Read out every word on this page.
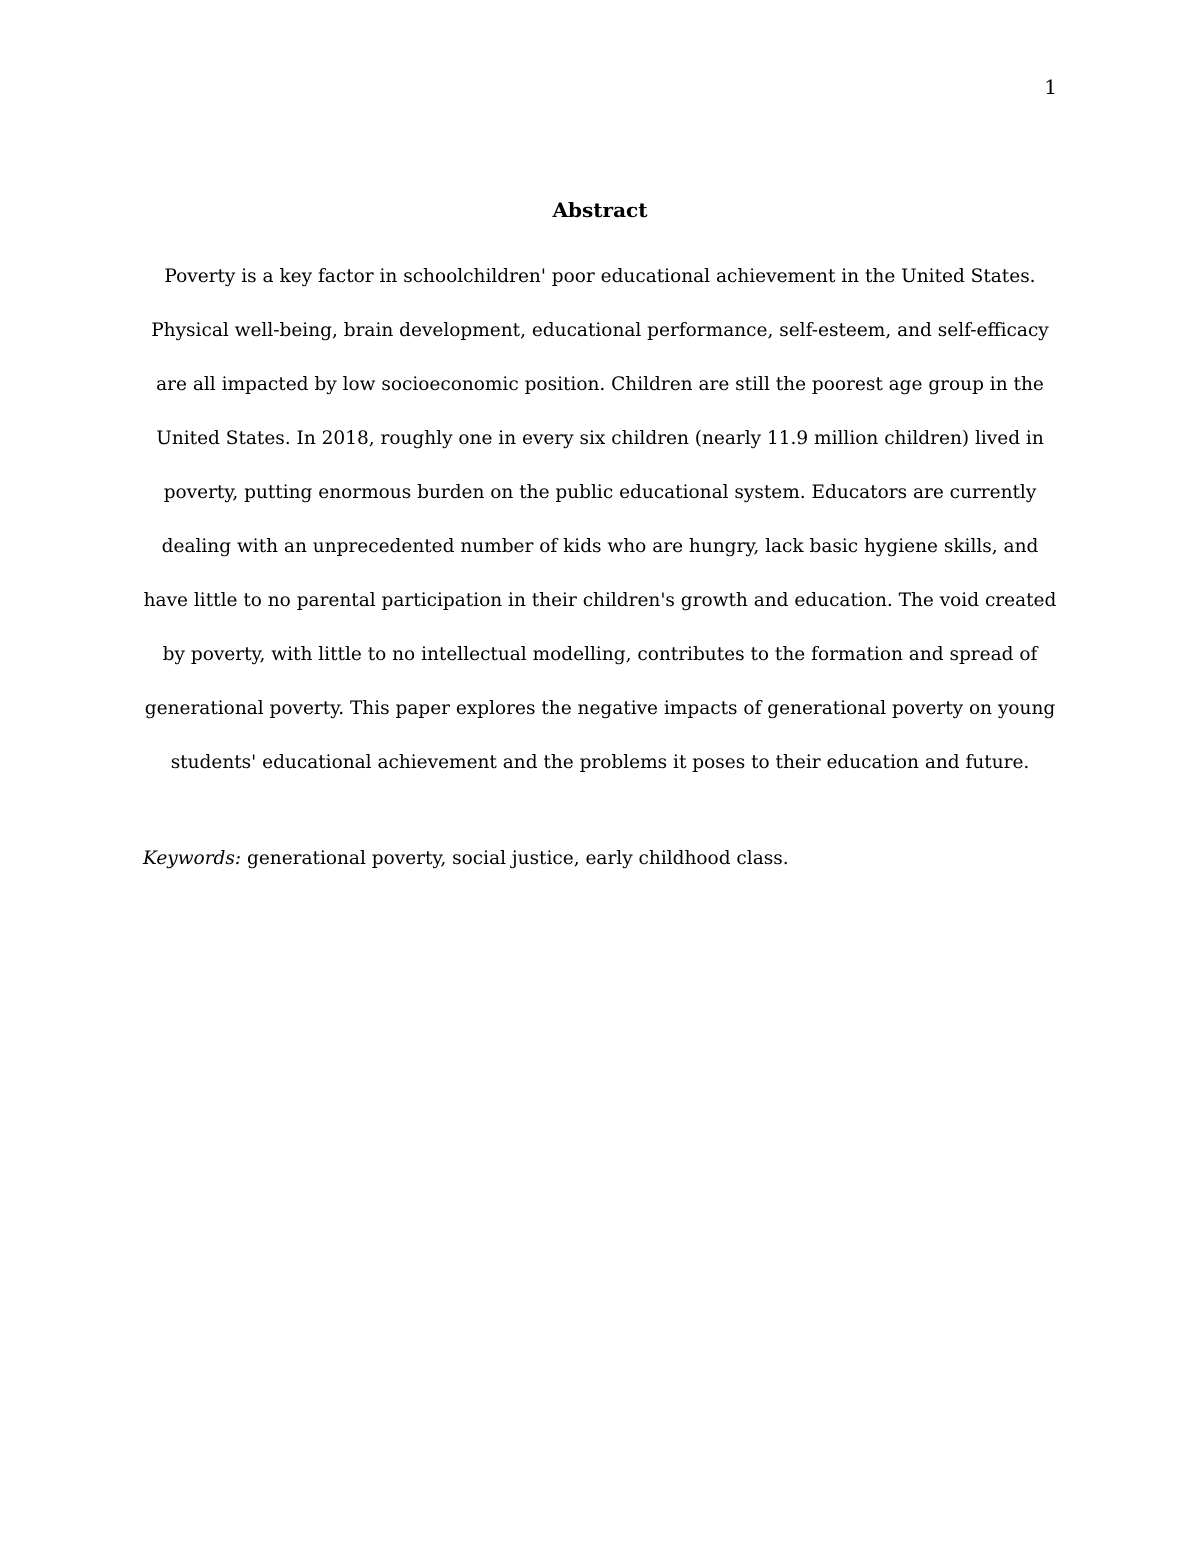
1
Abstract
Poverty is a key factor in schoolchildren' poor educational achievement in the United States.
Physical well-being, brain development, educational performance, self-esteem, and self-efficacy
are all impacted by low socioeconomic position. Children are still the poorest age group in the
United States. In 2018, roughly one in every six children (nearly 11.9 million children) lived in
poverty, putting enormous burden on the public educational system. Educators are currently
dealing with an unprecedented number of kids who are hungry, lack basic hygiene skills, and
have little to no parental participation in their children's growth and education. The void created
by poverty, with little to no intellectual modelling, contributes to the formation and spread of
generational poverty. This paper explores the negative impacts of generational poverty on young
students' educational achievement and the problems it poses to their education and future.
Keywords: generational poverty, social justice, early childhood class.
